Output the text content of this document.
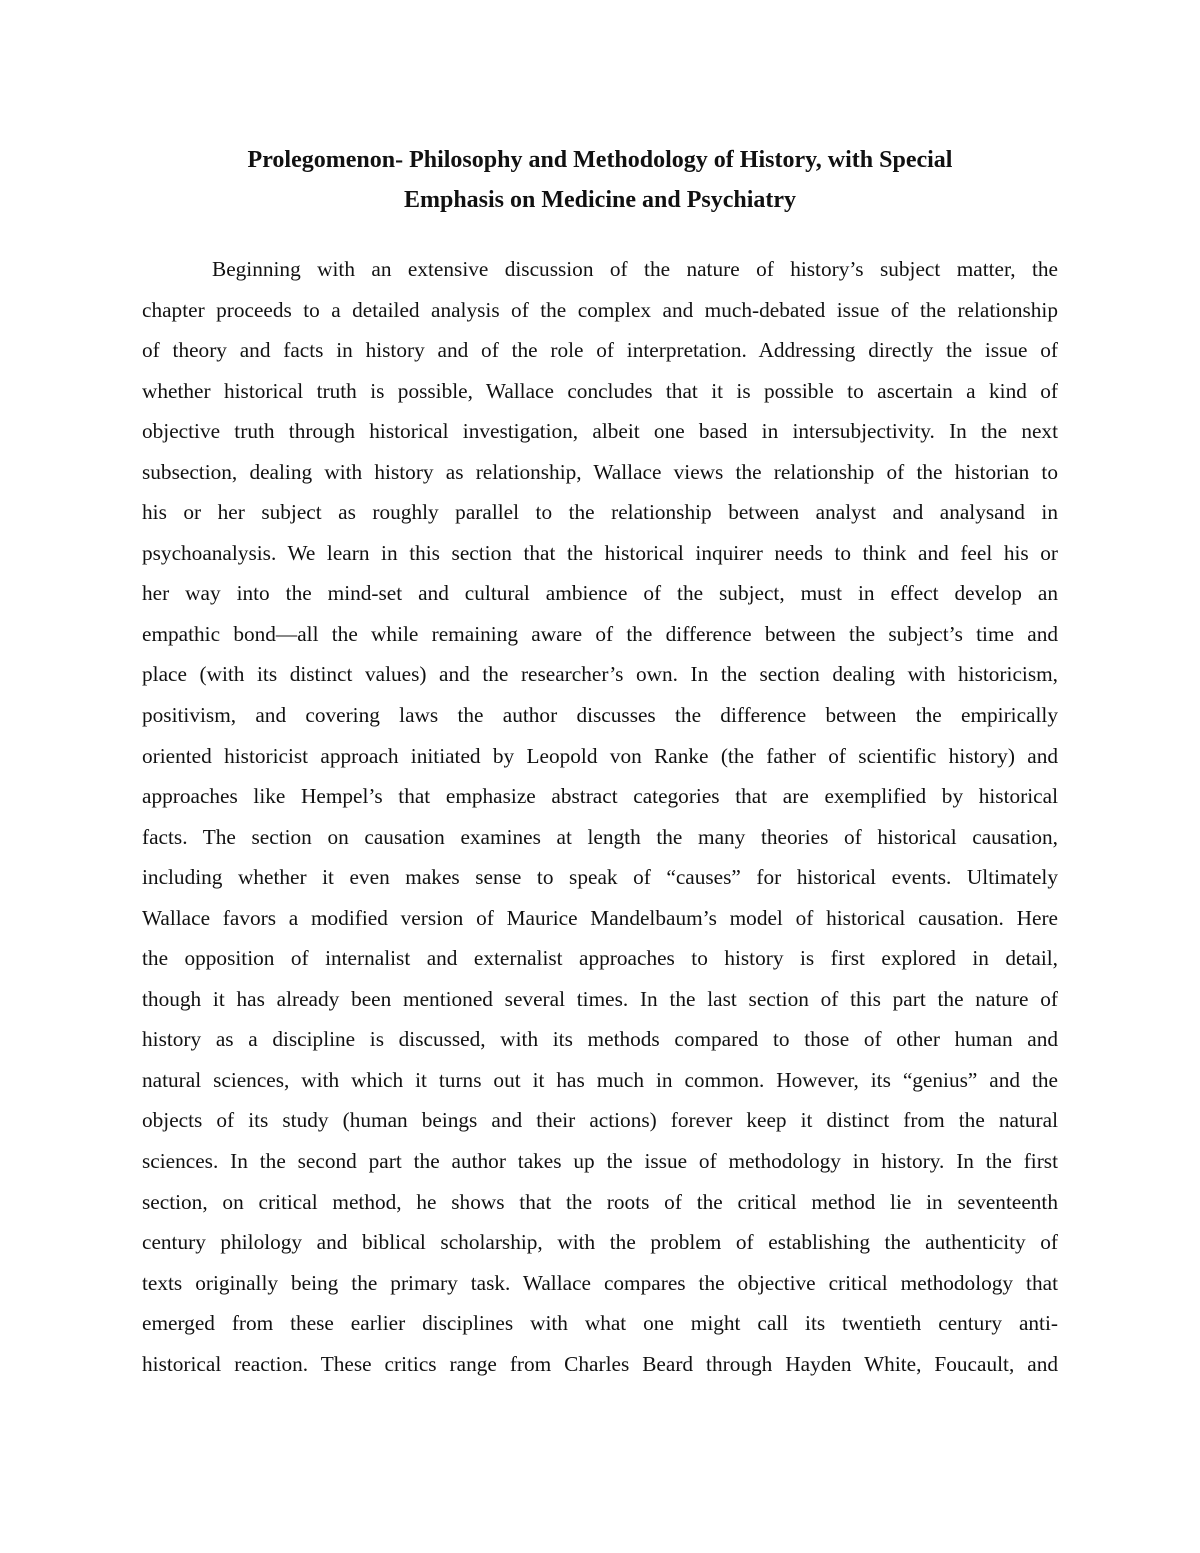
Prolegomenon- Philosophy and Methodology of History, with Special
Emphasis on Medicine and Psychiatry
Beginning with an extensive discussion of the nature of history’s subject matter, the
chapter proceeds to a detailed analysis of the complex and much-debated issue of the relationship
of theory and facts in history and of the role of interpretation. Addressing directly the issue of
whether historical truth is possible, Wallace concludes that it is possible to ascertain a kind of
objective truth through historical investigation, albeit one based in intersubjectivity. In the next
subsection, dealing with history as relationship, Wallace views the relationship of the historian to
his or her subject as roughly parallel to the relationship between analyst and analysand in
psychoanalysis. We learn in this section that the historical inquirer needs to think and feel his or
her way into the mind-set and cultural ambience of the subject, must in effect develop an
empathic bond—all the while remaining aware of the difference between the subject’s time and
place (with its distinct values) and the researcher’s own. In the section dealing with historicism,
positivism, and covering laws the author discusses the difference between the empirically
oriented historicist approach initiated by Leopold von Ranke (the father of scientific history) and
approaches like Hempel’s that emphasize abstract categories that are exemplified by historical
facts. The section on causation examines at length the many theories of historical causation,
including whether it even makes sense to speak of “causes” for historical events. Ultimately
Wallace favors a modified version of Maurice Mandelbaum’s model of historical causation. Here
the opposition of internalist and externalist approaches to history is first explored in detail,
though it has already been mentioned several times. In the last section of this part the nature of
history as a discipline is discussed, with its methods compared to those of other human and
natural sciences, with which it turns out it has much in common. However, its “genius” and the
objects of its study (human beings and their actions) forever keep it distinct from the natural
sciences. In the second part the author takes up the issue of methodology in history. In the first
section, on critical method, he shows that the roots of the critical method lie in seventeenth
century philology and biblical scholarship, with the problem of establishing the authenticity of
texts originally being the primary task. Wallace compares the objective critical methodology that
emerged from these earlier disciplines with what one might call its twentieth century anti-
historical reaction. These critics range from Charles Beard through Hayden White, Foucault, and
